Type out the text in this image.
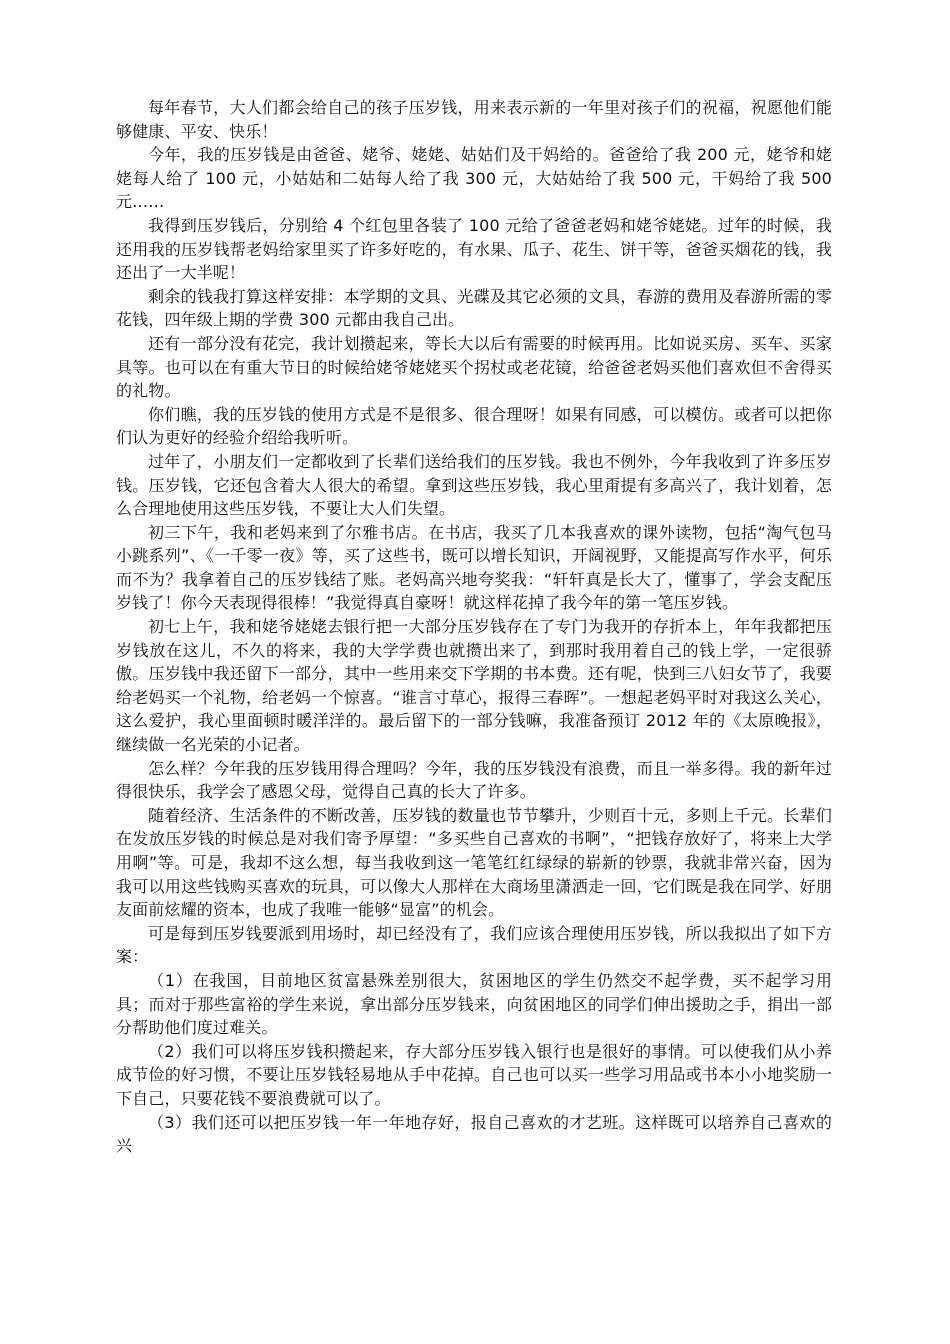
每年春节，大人们都会给自己的孩子压岁钱，用来表示新的一年里对孩子们的祝福，祝愿他们能够健康、平安、快乐！

今年，我的压岁钱是由爸爸、姥爷、姥姥、姑姑们及干妈给的。爸爸给了我 200 元，姥爷和姥姥每人给了 100 元，小姑姑和二姑每人给了我 300 元，大姑姑给了我 500 元，干妈给了我 500 元……

我得到压岁钱后，分别给 4 个红包里各装了 100 元给了爸爸老妈和姥爷姥姥。过年的时候，我还用我的压岁钱帮老妈给家里买了许多好吃的，有水果、瓜子、花生、饼干等，爸爸买烟花的钱，我还出了一大半呢！

剩余的钱我打算这样安排：本学期的文具、光碟及其它必须的文具，春游的费用及春游所需的零花钱，四年级上期的学费 300 元都由我自己出。

还有一部分没有花完，我计划攒起来，等长大以后有需要的时候再用。比如说买房、买车、买家具等。也可以在有重大节日的时候给姥爷姥姥买个拐杖或老花镜，给爸爸老妈买他们喜欢但不舍得买的礼物。

你们瞧，我的压岁钱的使用方式是不是很多、很合理呀！如果有同感，可以模仿。或者可以把你们认为更好的经验介绍给我听听。

过年了，小朋友们一定都收到了长辈们送给我们的压岁钱。我也不例外，今年我收到了许多压岁钱。压岁钱，它还包含着大人很大的希望。拿到这些压岁钱，我心里甭提有多高兴了，我计划着，怎么合理地使用这些压岁钱，不要让大人们失望。

初三下午，我和老妈来到了尔雅书店。在书店，我买了几本我喜欢的课外读物，包括“淘气包马小跳系列”、《一千零一夜》等，买了这些书，既可以增长知识，开阔视野，又能提高写作水平，何乐而不为？我拿着自己的压岁钱结了账。老妈高兴地夸奖我：“轩轩真是长大了，懂事了，学会支配压岁钱了！你今天表现得很棒！”我觉得真自豪呀！就这样花掉了我今年的第一笔压岁钱。

初七上午，我和姥爷姥姥去银行把一大部分压岁钱存在了专门为我开的存折本上，年年我都把压岁钱放在这儿，不久的将来，我的大学学费也就攒出来了，到那时我用着自己的钱上学，一定很骄傲。压岁钱中我还留下一部分，其中一些用来交下学期的书本费。还有呢，快到三八妇女节了，我要给老妈买一个礼物，给老妈一个惊喜。“谁言寸草心，报得三春晖”。一想起老妈平时对我这么关心，这么爱护，我心里面顿时暖洋洋的。最后留下的一部分钱嘛，我准备预订 2012 年的《太原晚报》，继续做一名光荣的小记者。

怎么样？今年我的压岁钱用得合理吗？今年，我的压岁钱没有浪费，而且一举多得。我的新年过得很快乐，我学会了感恩父母，觉得自己真的长大了许多。

随着经济、生活条件的不断改善，压岁钱的数量也节节攀升，少则百十元，多则上千元。长辈们在发放压岁钱的时候总是对我们寄予厚望：“多买些自己喜欢的书啊”，“把钱存放好了，将来上大学用啊”等。可是，我却不这么想，每当我收到这一笔笔红红绿绿的崭新的钞票，我就非常兴奋，因为我可以用这些钱购买喜欢的玩具，可以像大人那样在大商场里潇洒走一回，它们既是我在同学、好朋友面前炫耀的资本，也成了我唯一能够“显富”的机会。

可是每到压岁钱要派到用场时，却已经没有了，我们应该合理使用压岁钱，所以我拟出了如下方案：

（1）在我国，目前地区贫富悬殊差别很大，贫困地区的学生仍然交不起学费，买不起学习用具；而对于那些富裕的学生来说，拿出部分压岁钱来，向贫困地区的同学们伸出援助之手，捐出一部分帮助他们度过难关。

（2）我们可以将压岁钱积攒起来，存大部分压岁钱入银行也是很好的事情。可以使我们从小养成节俭的好习惯，不要让压岁钱轻易地从手中花掉。自己也可以买一些学习用品或书本小小地奖励一下自己，只要花钱不要浪费就可以了。

（3）我们还可以把压岁钱一年一年地存好，报自己喜欢的才艺班。这样既可以培养自己喜欢的兴
